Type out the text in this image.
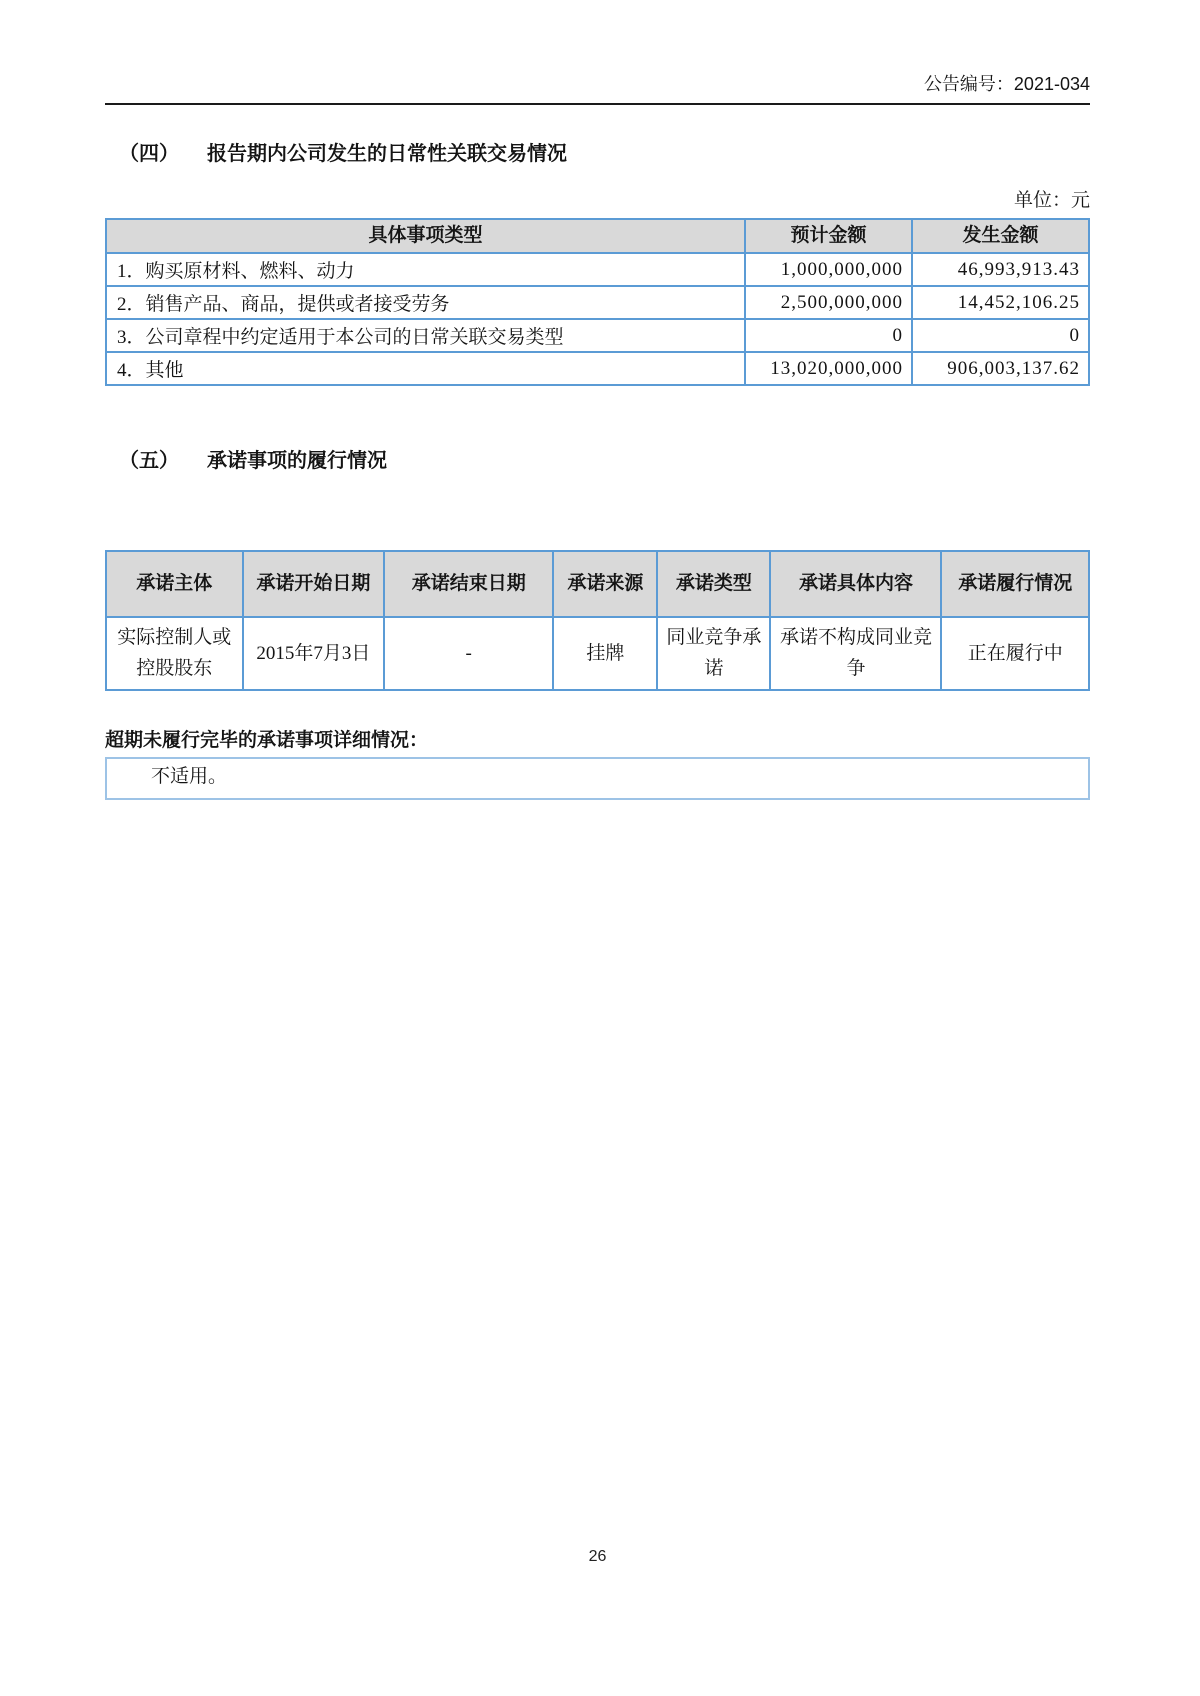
公告编号：2021-034
（四） 报告期内公司发生的日常性关联交易情况
单位：元
具体事项类型	预计金额	发生金额
1．购买原材料、燃料、动力	1,000,000,000	46,993,913.43
2．销售产品、商品，提供或者接受劳务	2,500,000,000	14,452,106.25
3．公司章程中约定适用于本公司的日常关联交易类型	0	0
4．其他	13,020,000,000	906,003,137.62
（五） 承诺事项的履行情况
承诺主体	承诺开始日期	承诺结束日期	承诺来源	承诺类型	承诺具体内容	承诺履行情况
实际控制人或控股股东	2015年7月3日	-	挂牌	同业竞争承诺	承诺不构成同业竞争	正在履行中
超期未履行完毕的承诺事项详细情况：
不适用。
26
